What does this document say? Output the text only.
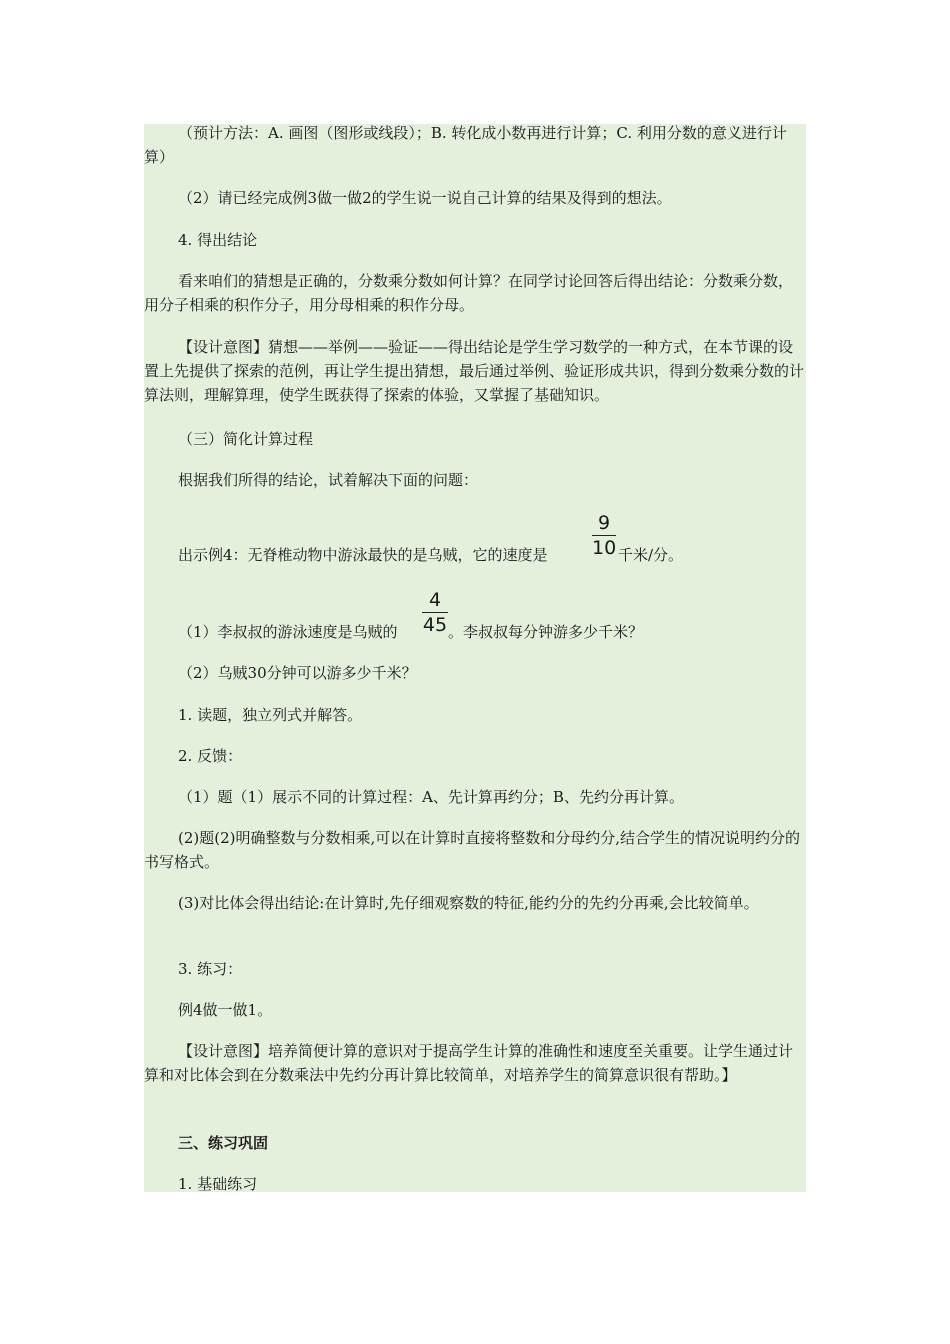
（预计方法：A. 画图（图形或线段）；B. 转化成小数再进行计算；C. 利用分数的意义进行计算）

（2）请已经完成例3做一做2的学生说一说自己计算的结果及得到的想法。

4. 得出结论

看来咱们的猜想是正确的，分数乘分数如何计算？在同学讨论回答后得出结论：分数乘分数，用分子相乘的积作分子，用分母相乘的积作分母。

【设计意图】猜想——举例——验证——得出结论是学生学习数学的一种方式，在本节课的设置上先提供了探索的范例，再让学生提出猜想，最后通过举例、验证形成共识，得到分数乘分数的计算法则，理解算理，使学生既获得了探索的体验，又掌握了基础知识。

（三）简化计算过程

根据我们所得的结论，试着解决下面的问题：

出示例4：无脊椎动物中游泳最快的是乌贼，它的速度是
9
10 千米/分。
（1）李叔叔的游泳速度是乌贼的
4
45 。李叔叔每分钟游多少千米？

（2）乌贼30分钟可以游多少千米？

1. 读题，独立列式并解答。

2. 反馈：

（1）题（1）展示不同的计算过程：A、先计算再约分；B、先约分再计算。

(2)题(2)明确整数与分数相乘,可以在计算时直接将整数和分母约分,结合学生的情况说明约分的书写格式。

(3)对比体会得出结论:在计算时,先仔细观察数的特征,能约分的先约分再乘,会比较简单。

3. 练习：

例4做一做1。

【设计意图】培养简便计算的意识对于提高学生计算的准确性和速度至关重要。让学生通过计算和对比体会到在分数乘法中先约分再计算比较简单，对培养学生的简算意识很有帮助。】

三、练习巩固

1. 基础练习
